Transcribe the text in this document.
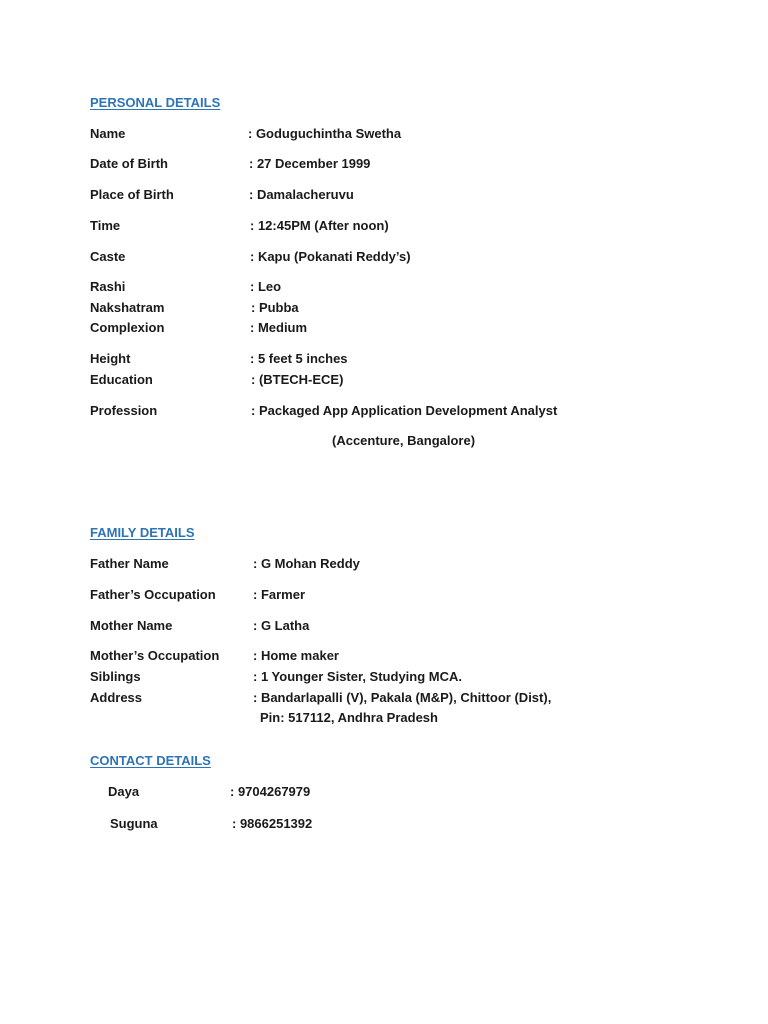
PERSONAL DETAILS
Name	: Goduguchintha Swetha
Date of Birth	: 27 December 1999
Place of Birth	: Damalacheruvu
Time	: 12:45PM (After noon)
Caste	: Kapu (Pokanati Reddy’s)
Rashi	: Leo
Nakshatram	: Pubba
Complexion	: Medium
Height	: 5 feet 5 inches
Education	: (BTECH-ECE)
Profession	: Packaged App Application Development Analyst
(Accenture, Bangalore)
FAMILY DETAILS
Father Name	: G Mohan Reddy
Father’s Occupation	: Farmer
Mother Name	: G Latha
Mother’s Occupation	: Home maker
Siblings	: 1 Younger Sister, Studying MCA.
Address	: Bandarlapalli (V), Pakala (M&P), Chittoor (Dist),
Pin: 517112, Andhra Pradesh
CONTACT DETAILS
Daya	: 9704267979
Suguna	: 9866251392
